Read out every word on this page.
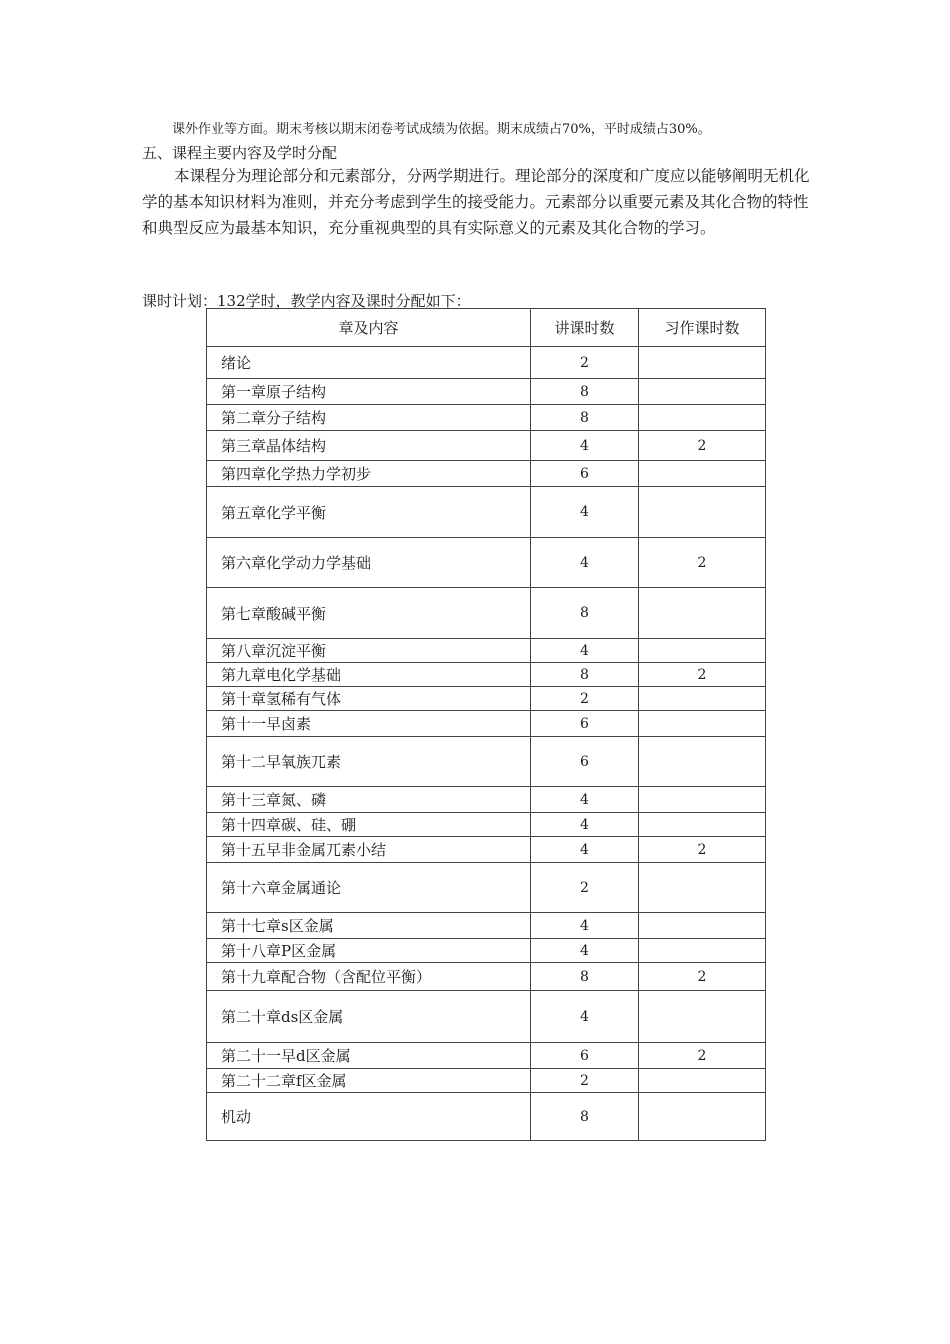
课外作业等方面。期末考核以期末闭卷考试成绩为依据。期末成绩占70%，平时成绩占30%。
五、课程主要内容及学时分配
本课程分为理论部分和元素部分，分两学期进行。理论部分的深度和广度应以能够阐明无机化学的基本知识材料为准则，并充分考虑到学生的接受能力。元素部分以重要元素及其化合物的特性和典型反应为最基本知识，充分重视典型的具有实际意义的元素及其化合物的学习。
课时计划：132学时，教学内容及课时分配如下：
章及内容	讲课时数	习作课时数
绪论	2	
第一章原子结构	8	
第二章分子结构	8	
第三章晶体结构	4	2
第四章化学热力学初步	6	
第五章化学平衡	4	
第六章化学动力学基础	4	2
第七章酸碱平衡	8	
第八章沉淀平衡	4	
第九章电化学基础	8	2
第十章氢稀有气体	2	
第十一早卤素	6	
第十二早氧族兀素	6	
第十三章氮、磷	4	
第十四章碳、硅、硼	4	
第十五早非金属兀素小结	4	2
第十六章金属通论	2	
第十七章s区金属	4	
第十八章P区金属	4	
第十九章配合物（含配位平衡）	8	2
第二十章ds区金属	4	
第二十一早d区金属	6	2
第二十二章f区金属	2	
机动	8	
